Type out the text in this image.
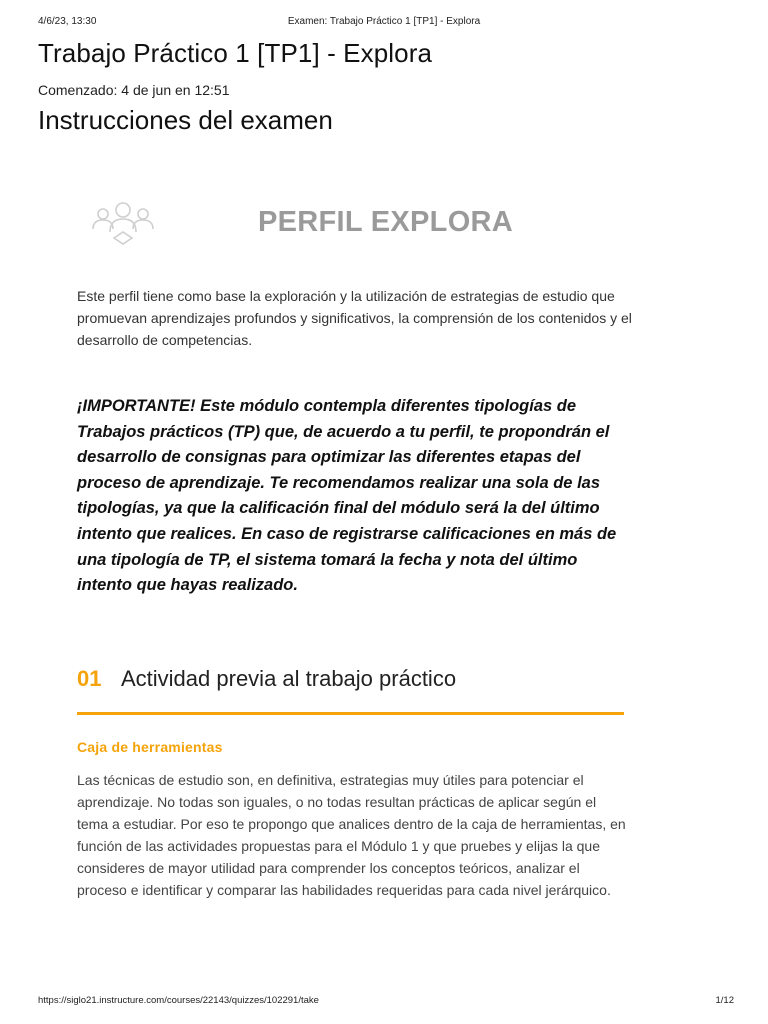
4/6/23, 13:30	Examen: Trabajo Práctico 1 [TP1] - Explora
Trabajo Práctico 1 [TP1] - Explora
Comenzado: 4 de jun en 12:51
Instrucciones del examen
PERFIL EXPLORA

Este perfil tiene como base la exploración y la utilización de estrategias de estudio que promuevan aprendizajes profundos y significativos, la comprensión de los contenidos y el desarrollo de competencias.

¡IMPORTANTE! Este módulo contempla diferentes tipologías de Trabajos prácticos (TP) que, de acuerdo a tu perfil, te propondrán el desarrollo de consignas para optimizar las diferentes etapas del proceso de aprendizaje. Te recomendamos realizar una sola de las tipologías, ya que la calificación final del módulo será la del último intento que realices. En caso de registrarse calificaciones en más de una tipología de TP, el sistema tomará la fecha y nota del último intento que hayas realizado.

01 Actividad previa al trabajo práctico
Caja de herramientas

Las técnicas de estudio son, en definitiva, estrategias muy útiles para potenciar el aprendizaje. No todas son iguales, o no todas resultan prácticas de aplicar según el tema a estudiar. Por eso te propongo que analices dentro de la caja de herramientas, en función de las actividades propuestas para el Módulo 1 y que pruebes y elijas la que consideres de mayor utilidad para comprender los conceptos teóricos, analizar el proceso e identificar y comparar las habilidades requeridas para cada nivel jerárquico.

https://siglo21.instructure.com/courses/22143/quizzes/102291/take	1/12
